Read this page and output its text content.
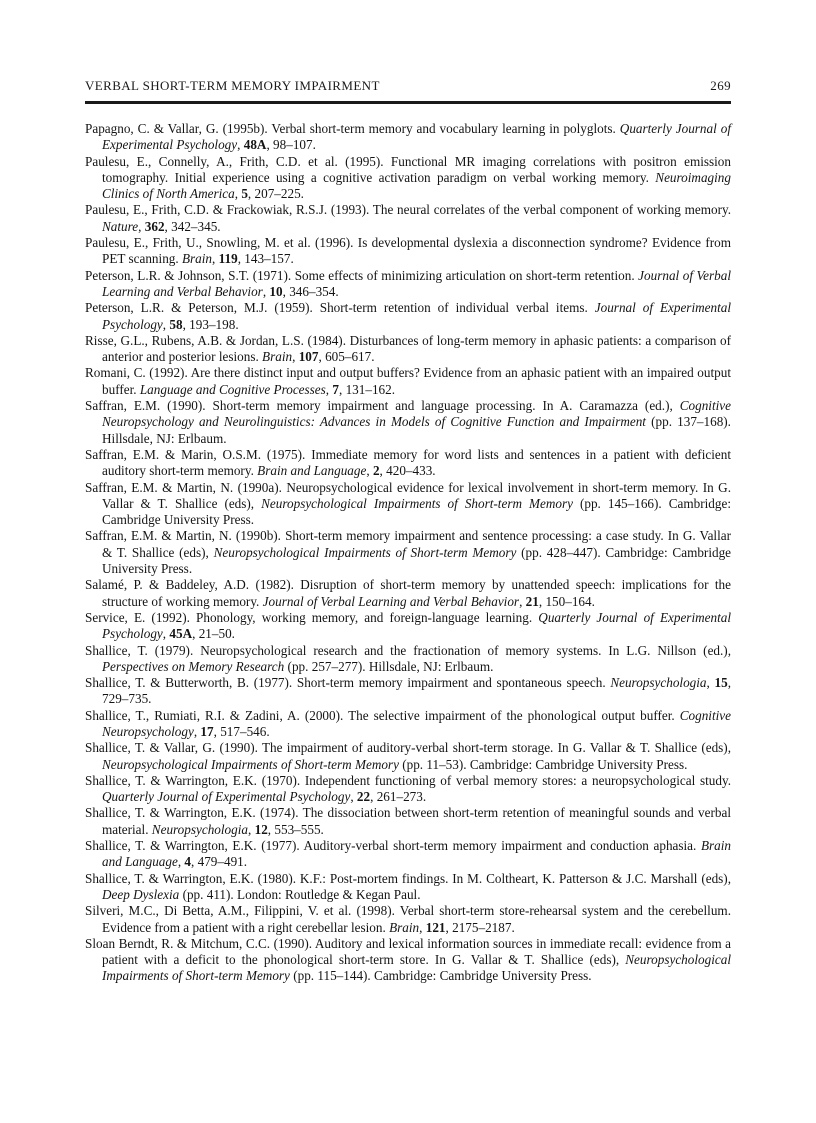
VERBAL SHORT-TERM MEMORY IMPAIRMENT	269

Papagno, C. & Vallar, G. (1995b). Verbal short-term memory and vocabulary learning in polyglots. Quarterly Journal of Experimental Psychology, 48A, 98–107.

Paulesu, E., Connelly, A., Frith, C.D. et al. (1995). Functional MR imaging correlations with positron emission tomography. Initial experience using a cognitive activation paradigm on verbal working memory. Neuroimaging Clinics of North America, 5, 207–225.

Paulesu, E., Frith, C.D. & Frackowiak, R.S.J. (1993). The neural correlates of the verbal component of working memory. Nature, 362, 342–345.

Paulesu, E., Frith, U., Snowling, M. et al. (1996). Is developmental dyslexia a disconnection syndrome? Evidence from PET scanning. Brain, 119, 143–157.

Peterson, L.R. & Johnson, S.T. (1971). Some effects of minimizing articulation on short-term retention. Journal of Verbal Learning and Verbal Behavior, 10, 346–354.

Peterson, L.R. & Peterson, M.J. (1959). Short-term retention of individual verbal items. Journal of Experimental Psychology, 58, 193–198.

Risse, G.L., Rubens, A.B. & Jordan, L.S. (1984). Disturbances of long-term memory in aphasic patients: a comparison of anterior and posterior lesions. Brain, 107, 605–617.

Romani, C. (1992). Are there distinct input and output buffers? Evidence from an aphasic patient with an impaired output buffer. Language and Cognitive Processes, 7, 131–162.

Saffran, E.M. (1990). Short-term memory impairment and language processing. In A. Caramazza (ed.), Cognitive Neuropsychology and Neurolinguistics: Advances in Models of Cognitive Function and Impairment (pp. 137–168). Hillsdale, NJ: Erlbaum.

Saffran, E.M. & Marin, O.S.M. (1975). Immediate memory for word lists and sentences in a patient with deficient auditory short-term memory. Brain and Language, 2, 420–433.

Saffran, E.M. & Martin, N. (1990a). Neuropsychological evidence for lexical involvement in short-term memory. In G. Vallar & T. Shallice (eds), Neuropsychological Impairments of Short-term Memory (pp. 145–166). Cambridge: Cambridge University Press.

Saffran, E.M. & Martin, N. (1990b). Short-term memory impairment and sentence processing: a case study. In G. Vallar & T. Shallice (eds), Neuropsychological Impairments of Short-term Memory (pp. 428–447). Cambridge: Cambridge University Press.

Salamé, P. & Baddeley, A.D. (1982). Disruption of short-term memory by unattended speech: implications for the structure of working memory. Journal of Verbal Learning and Verbal Behavior, 21, 150–164.

Service, E. (1992). Phonology, working memory, and foreign-language learning. Quarterly Journal of Experimental Psychology, 45A, 21–50.

Shallice, T. (1979). Neuropsychological research and the fractionation of memory systems. In L.G. Nillson (ed.), Perspectives on Memory Research (pp. 257–277). Hillsdale, NJ: Erlbaum.

Shallice, T. & Butterworth, B. (1977). Short-term memory impairment and spontaneous speech. Neuropsychologia, 15, 729–735.

Shallice, T., Rumiati, R.I. & Zadini, A. (2000). The selective impairment of the phonological output buffer. Cognitive Neuropsychology, 17, 517–546.

Shallice, T. & Vallar, G. (1990). The impairment of auditory-verbal short-term storage. In G. Vallar & T. Shallice (eds), Neuropsychological Impairments of Short-term Memory (pp. 11–53). Cambridge: Cambridge University Press.

Shallice, T. & Warrington, E.K. (1970). Independent functioning of verbal memory stores: a neuropsychological study. Quarterly Journal of Experimental Psychology, 22, 261–273.

Shallice, T. & Warrington, E.K. (1974). The dissociation between short-term retention of meaningful sounds and verbal material. Neuropsychologia, 12, 553–555.

Shallice, T. & Warrington, E.K. (1977). Auditory-verbal short-term memory impairment and conduction aphasia. Brain and Language, 4, 479–491.

Shallice, T. & Warrington, E.K. (1980). K.F.: Post-mortem findings. In M. Coltheart, K. Patterson & J.C. Marshall (eds), Deep Dyslexia (pp. 411). London: Routledge & Kegan Paul.

Silveri, M.C., Di Betta, A.M., Filippini, V. et al. (1998). Verbal short-term store-rehearsal system and the cerebellum. Evidence from a patient with a right cerebellar lesion. Brain, 121, 2175–2187.

Sloan Berndt, R. & Mitchum, C.C. (1990). Auditory and lexical information sources in immediate recall: evidence from a patient with a deficit to the phonological short-term store. In G. Vallar & T. Shallice (eds), Neuropsychological Impairments of Short-term Memory (pp. 115–144). Cambridge: Cambridge University Press.
